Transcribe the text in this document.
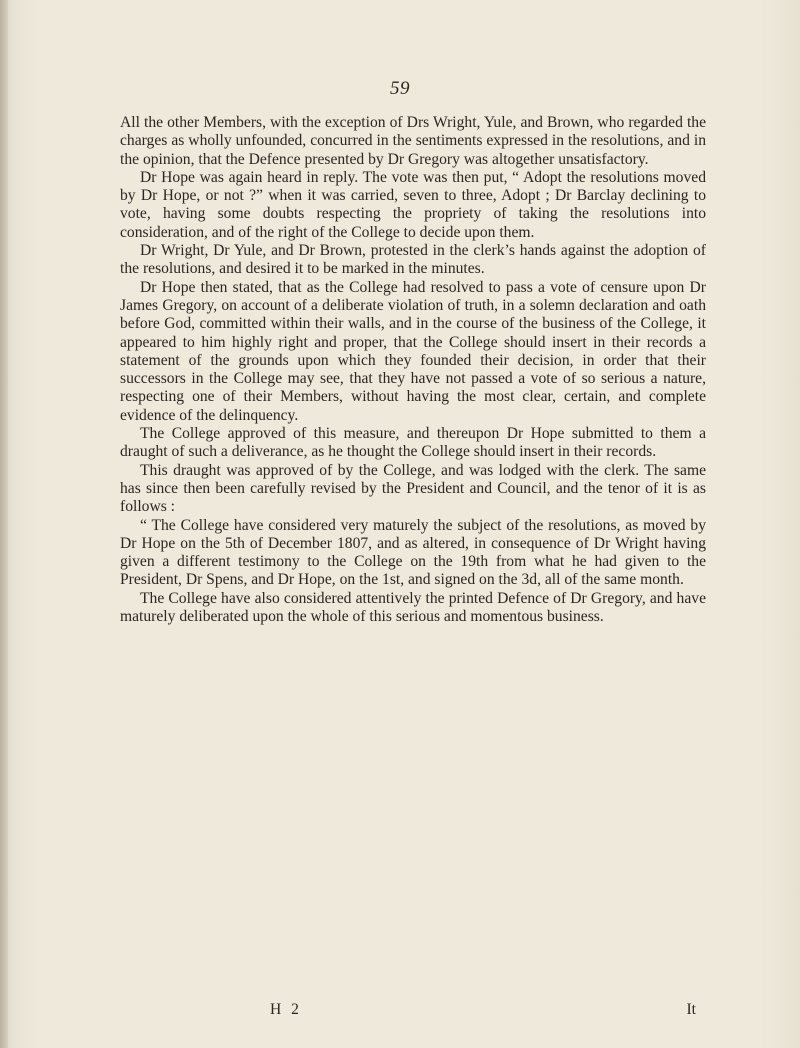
59

All the other Members, with the exception of Drs Wright, Yule, and Brown, who regarded the charges as wholly unfounded, concurred in the sentiments expressed in the resolutions, and in the opinion, that the Defence presented by Dr Gregory was altogether unsatisfactory.

Dr Hope was again heard in reply. The vote was then put, “ Adopt the resolutions moved by Dr Hope, or not ?” when it was carried, seven to three, Adopt ; Dr Barclay declining to vote, having some doubts respecting the propriety of taking the resolutions into consideration, and of the right of the College to decide upon them.

Dr Wright, Dr Yule, and Dr Brown, protested in the clerk’s hands against the adoption of the resolutions, and desired it to be marked in the minutes.

Dr Hope then stated, that as the College had resolved to pass a vote of censure upon Dr James Gregory, on account of a deliberate violation of truth, in a solemn declaration and oath before God, committed within their walls, and in the course of the business of the College, it appeared to him highly right and proper, that the College should insert in their records a statement of the grounds upon which they founded their decision, in order that their successors in the College may see, that they have not passed a vote of so serious a nature, respecting one of their Members, without having the most clear, certain, and complete evidence of the delinquency.

The College approved of this measure, and thereupon Dr Hope submitted to them a draught of such a deliverance, as he thought the College should insert in their records.

This draught was approved of by the College, and was lodged with the clerk. The same has since then been carefully revised by the President and Council, and the tenor of it is as follows :

“ The College have considered very maturely the subject of the resolutions, as moved by Dr Hope on the 5th of December 1807, and as altered, in consequence of Dr Wright having given a different testimony to the College on the 19th from what he had given to the President, Dr Spens, and Dr Hope, on the 1st, and signed on the 3d, all of the same month.

The College have also considered attentively the printed Defence of Dr Gregory, and have maturely deliberated upon the whole of this serious and momentous business.

H 2	It
